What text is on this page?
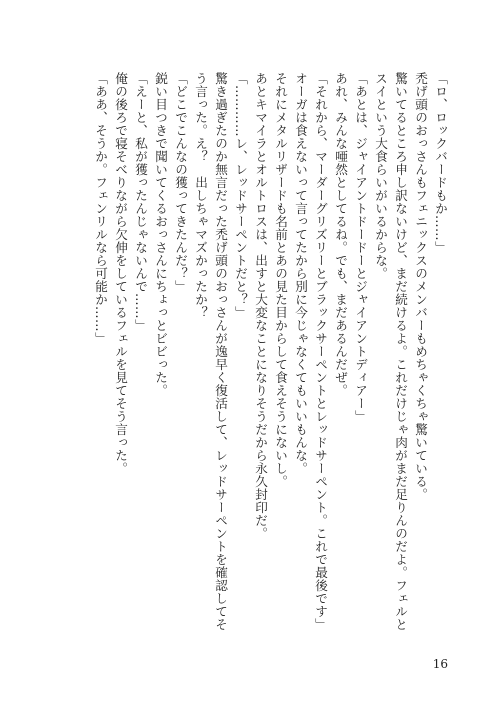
「ロ、ロックバードもか……」
禿げ頭のおっさんもフェニックスのメンバーもめちゃくちゃ驚いている。
驚いてるところ申し訳ないけど、まだ続けるよ。これだけじゃ肉がまだ足りんのだよ。フェルと
スイという大食らいがいるからな。
「あとは、ジャイアントドードーとジャイアントディアー」
あれ、みんな唖然としてるね。でも、まだあるんだぜ。
「それから、マーダーグリズリーとブラックサーペントとレッドサーペント。これで最後です」
オーガは食えないって言ってたから別に今じゃなくてもいいもんな。
それにメタルリザードも名前とあの見た目からして食えそうにないし。
あとキマイラとオルトロスは、出すと大変なことになりそうだから永久封印だ。
「…………レ、レッドサーペントだと？」
驚き過ぎたのか無言だった禿げ頭のおっさんが逸早く復活して、レッドサーペントを確認してそ
う言った。え？　出しちゃマズかったか？
「どこでこんなの獲ってきたんだ？」
鋭い目つきで聞いてくるおっさんにちょっとビビった。
「えーと、私が獲ったんじゃないんで……」
俺の後ろで寝そべりながら欠伸をしているフェルを見てそう言った。
「ああ、そうか。フェンリルなら可能か……」
16
